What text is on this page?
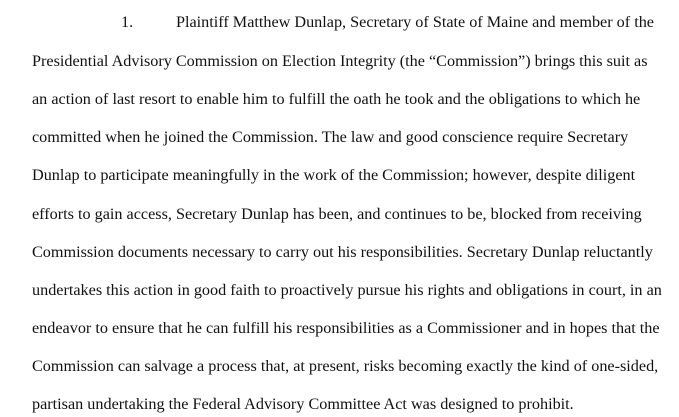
1.	Plaintiff Matthew Dunlap, Secretary of State of Maine and member of the

Presidential Advisory Commission on Election Integrity (the “Commission”) brings this suit as

an action of last resort to enable him to fulfill the oath he took and the obligations to which he

committed when he joined the Commission. The law and good conscience require Secretary

Dunlap to participate meaningfully in the work of the Commission; however, despite diligent

efforts to gain access, Secretary Dunlap has been, and continues to be, blocked from receiving

Commission documents necessary to carry out his responsibilities. Secretary Dunlap reluctantly

undertakes this action in good faith to proactively pursue his rights and obligations in court, in an

endeavor to ensure that he can fulfill his responsibilities as a Commissioner and in hopes that the

Commission can salvage a process that, at present, risks becoming exactly the kind of one-sided,

partisan undertaking the Federal Advisory Committee Act was designed to prohibit.
